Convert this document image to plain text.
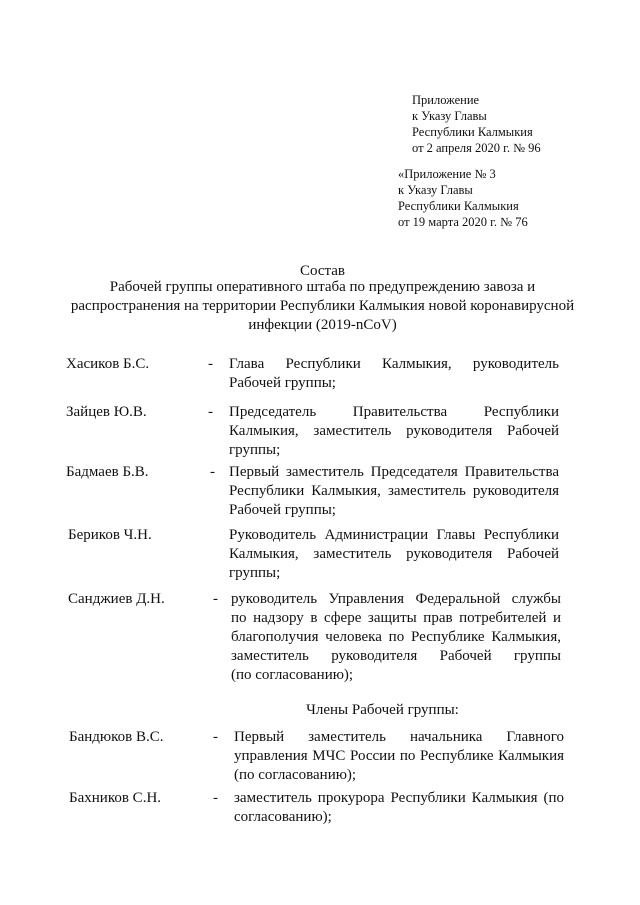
Приложение
к Указу Главы
Республики Калмыкия
от 2 апреля 2020 г. № 96
«Приложение № 3
к Указу Главы
Республики Калмыкия
от 19 марта 2020 г. № 76
Состав
Рабочей группы оперативного штаба по предупреждению завоза и
распространения на территории Республики Калмыкия новой коронавирусной
инфекции (2019-nCoV)
Хасиков Б.С.	- Глава Республики Калмыкия, руководитель
Рабочей группы;
Зайцев Ю.В.	- Председатель Правительства Республики
Калмыкия, заместитель руководителя Рабочей
группы;
Бадмаев Б.В.	- Первый заместитель Председателя Правительства
Республики Калмыкия, заместитель руководителя
Рабочей группы;
Бериков Ч.Н.	Руководитель Администрации Главы Республики
Калмыкия, заместитель руководителя Рабочей
группы;
Санджиев Д.Н.	- руководитель Управления Федеральной службы
по надзору в сфере защиты прав потребителей и
благополучия человека по Республике Калмыкия,
заместитель руководителя Рабочей группы
(по согласованию);
Члены Рабочей группы:
Бандюков В.С.	- Первый заместитель начальника Главного
управления МЧС России по Республике Калмыкия
(по согласованию);
Бахников С.Н.	- заместитель прокурора Республики Калмыкия (по
согласованию);
